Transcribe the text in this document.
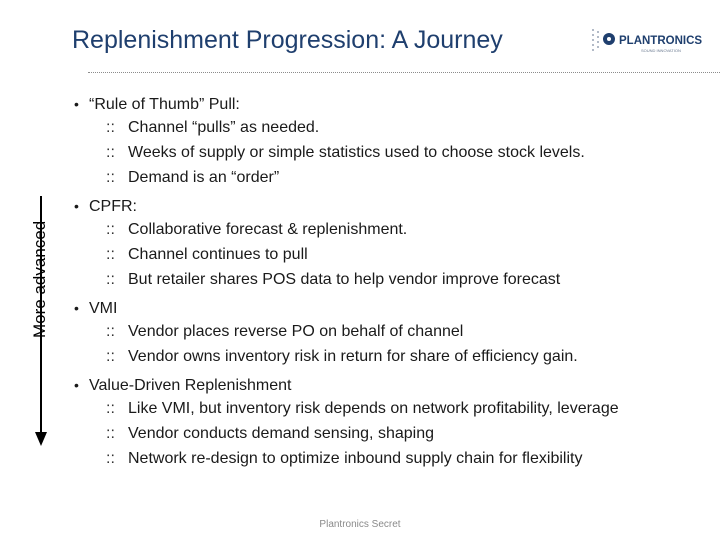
Replenishment Progression: A Journey	PLANTRONICS
SOUND INNOVATION
More advanced
• “Rule of Thumb” Pull:
:: Channel “pulls” as needed.
:: Weeks of supply or simple statistics used to choose stock levels.
:: Demand is an “order”
• CPFR:
:: Collaborative forecast & replenishment.
:: Channel continues to pull
:: But retailer shares POS data to help vendor improve forecast
• VMI
:: Vendor places reverse PO on behalf of channel
:: Vendor owns inventory risk in return for share of efficiency gain.
• Value-Driven Replenishment
:: Like VMI, but inventory risk depends on network profitability, leverage
:: Vendor conducts demand sensing, shaping
:: Network re-design to optimize inbound supply chain for flexibility
Plantronics Secret
